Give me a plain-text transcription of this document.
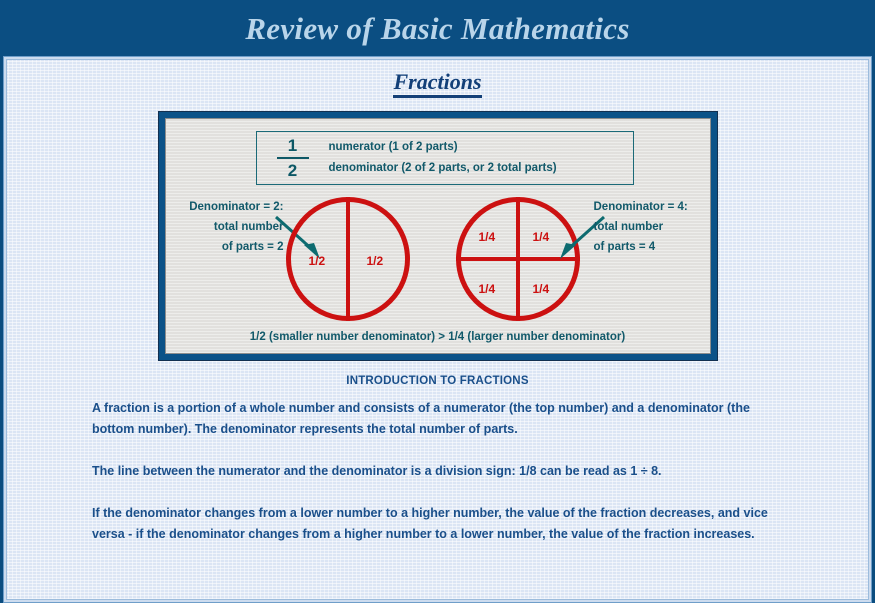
Review of Basic Mathematics
Fractions
$\frac{1}{2}$ numerator (1 of 2 parts)
denominator (2 of 2 parts, or 2 total parts)
Denominator = 2:
total number
of parts = 2
1/2	1/2
1/4	1/4
1/4	1/4
Denominator = 4:
total number
of parts = 4
1/2 (smaller number denominator) > 1/4 (larger number denominator)
INTRODUCTION TO FRACTIONS

A fraction is a portion of a whole number and consists of a numerator (the top number) and a denominator (the bottom number). The denominator represents the total number of parts.

The line between the numerator and the denominator is a division sign: 1/8 can be read as 1 ÷ 8.

If the denominator changes from a lower number to a higher number, the value of the fraction decreases, and vice versa - if the denominator changes from a higher number to a lower number, the value of the fraction increases.
